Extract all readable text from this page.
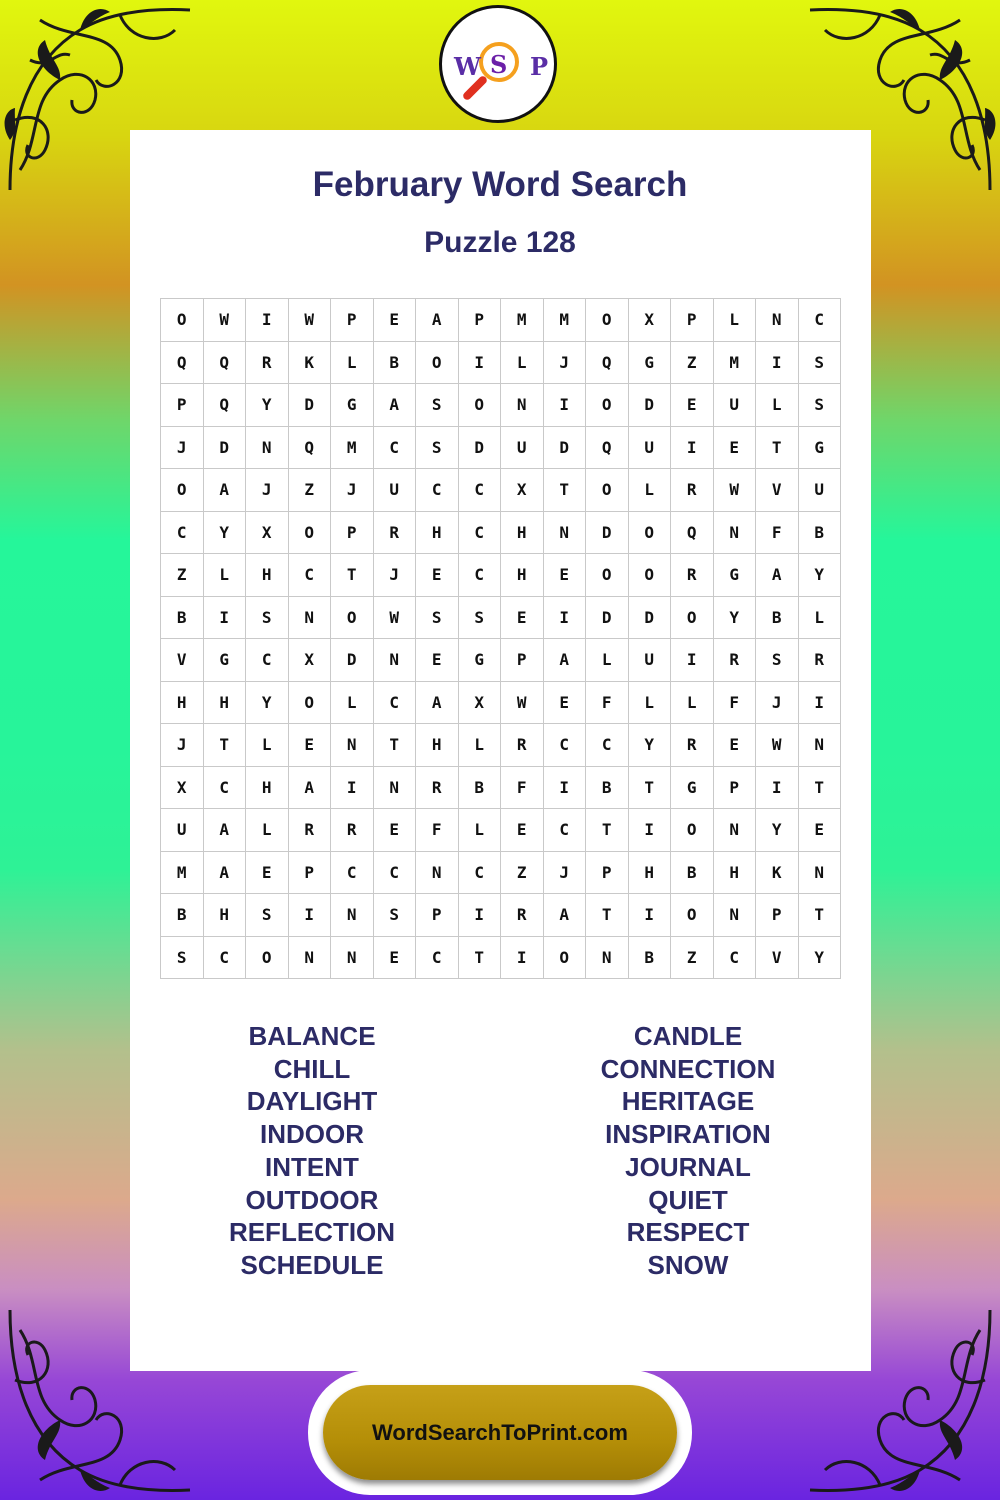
W S P
February Word Search
Puzzle 128
O	W	I	W	P	E	A	P	M	M	O	X	P	L	N	C
Q	Q	R	K	L	B	O	I	L	J	Q	G	Z	M	I	S
P	Q	Y	D	G	A	S	O	N	I	O	D	E	U	L	S
J	D	N	Q	M	C	S	D	U	D	Q	U	I	E	T	G
O	A	J	Z	J	U	C	C	X	T	O	L	R	W	V	U
C	Y	X	O	P	R	H	C	H	N	D	O	Q	N	F	B
Z	L	H	C	T	J	E	C	H	E	O	O	R	G	A	Y
B	I	S	N	O	W	S	S	E	I	D	D	O	Y	B	L
V	G	C	X	D	N	E	G	P	A	L	U	I	R	S	R
H	H	Y	O	L	C	A	X	W	E	F	L	L	F	J	I
J	T	L	E	N	T	H	L	R	C	C	Y	R	E	W	N
X	C	H	A	I	N	R	B	F	I	B	T	G	P	I	T
U	A	L	R	R	E	F	L	E	C	T	I	O	N	Y	E
M	A	E	P	C	C	N	C	Z	J	P	H	B	H	K	N
B	H	S	I	N	S	P	I	R	A	T	I	O	N	P	T
S	C	O	N	N	E	C	T	I	O	N	B	Z	C	V	Y
BALANCE
CHILL
DAYLIGHT
INDOOR
INTENT
OUTDOOR
REFLECTION
SCHEDULE
CANDLE
CONNECTION
HERITAGE
INSPIRATION
JOURNAL
QUIET
RESPECT
SNOW
WordSearchToPrint.com
